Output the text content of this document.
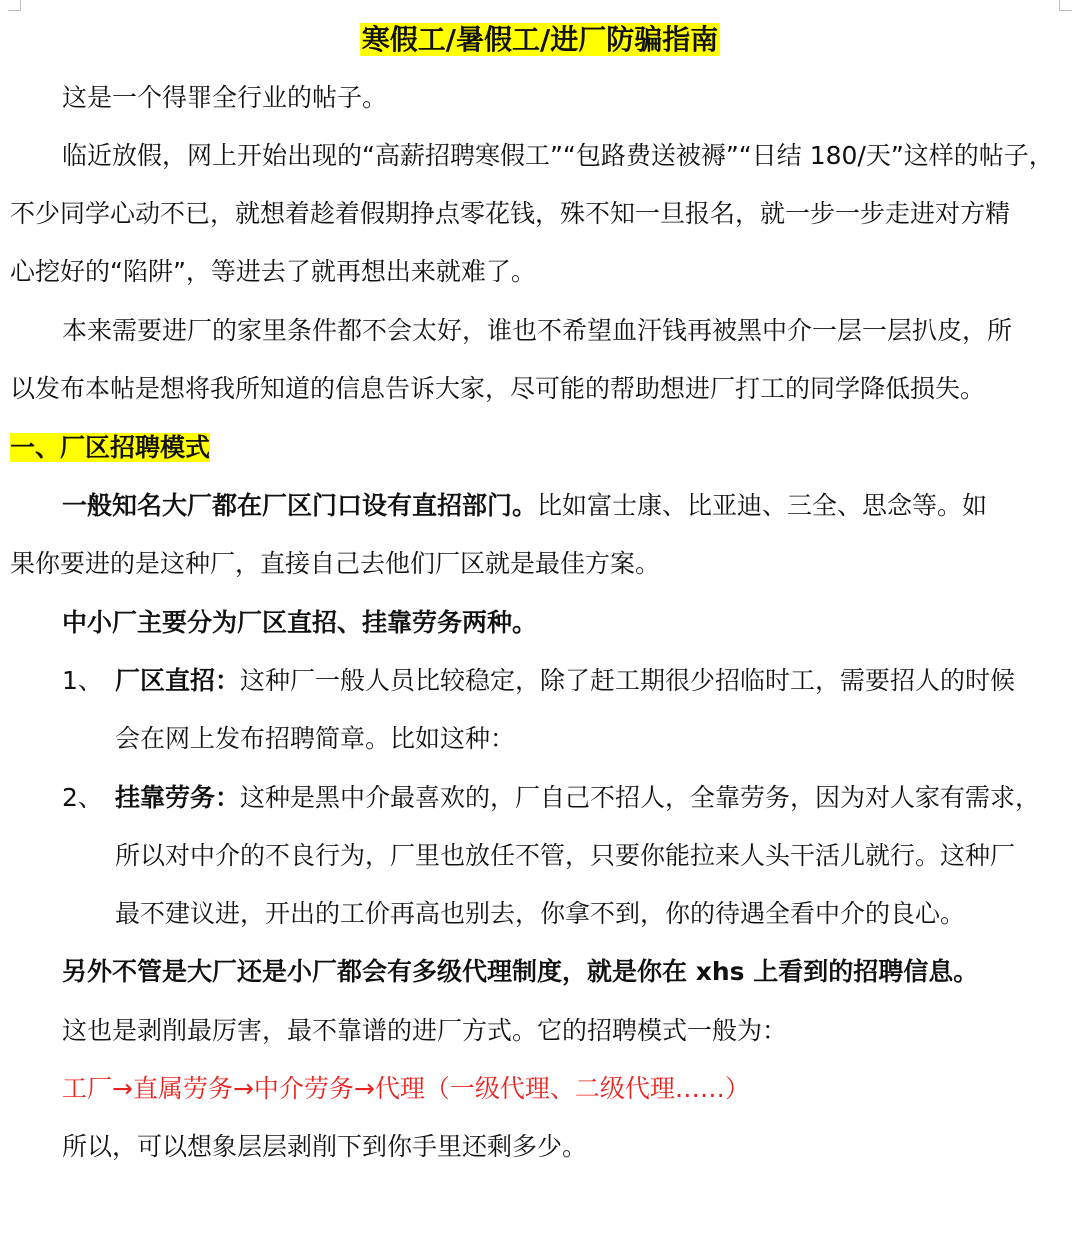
寒假工/暑假工/进厂防骗指南
这是一个得罪全行业的帖子。
临近放假，网上开始出现的“高薪招聘寒假工”“包路费送被褥”“日结 180/天”这样的帖子，
不少同学心动不已，就想着趁着假期挣点零花钱，殊不知一旦报名，就一步一步走进对方精
心挖好的“陷阱”，等进去了就再想出来就难了。
本来需要进厂的家里条件都不会太好，谁也不希望血汗钱再被黑中介一层一层扒皮，所
以发布本帖是想将我所知道的信息告诉大家，尽可能的帮助想进厂打工的同学降低损失。
一、厂区招聘模式
一般知名大厂都在厂区门口设有直招部门。比如富士康、比亚迪、三全、思念等。如
果你要进的是这种厂，直接自己去他们厂区就是最佳方案。
中小厂主要分为厂区直招、挂靠劳务两种。
1、 厂区直招：这种厂一般人员比较稳定，除了赶工期很少招临时工，需要招人的时候
会在网上发布招聘简章。比如这种：
2、 挂靠劳务：这种是黑中介最喜欢的，厂自己不招人，全靠劳务，因为对人家有需求，
所以对中介的不良行为，厂里也放任不管，只要你能拉来人头干活儿就行。这种厂
最不建议进，开出的工价再高也别去，你拿不到，你的待遇全看中介的良心。
另外不管是大厂还是小厂都会有多级代理制度，就是你在 xhs 上看到的招聘信息。
这也是剥削最厉害，最不靠谱的进厂方式。它的招聘模式一般为：
工厂→直属劳务→中介劳务→代理（一级代理、二级代理……）
所以，可以想象层层剥削下到你手里还剩多少。
